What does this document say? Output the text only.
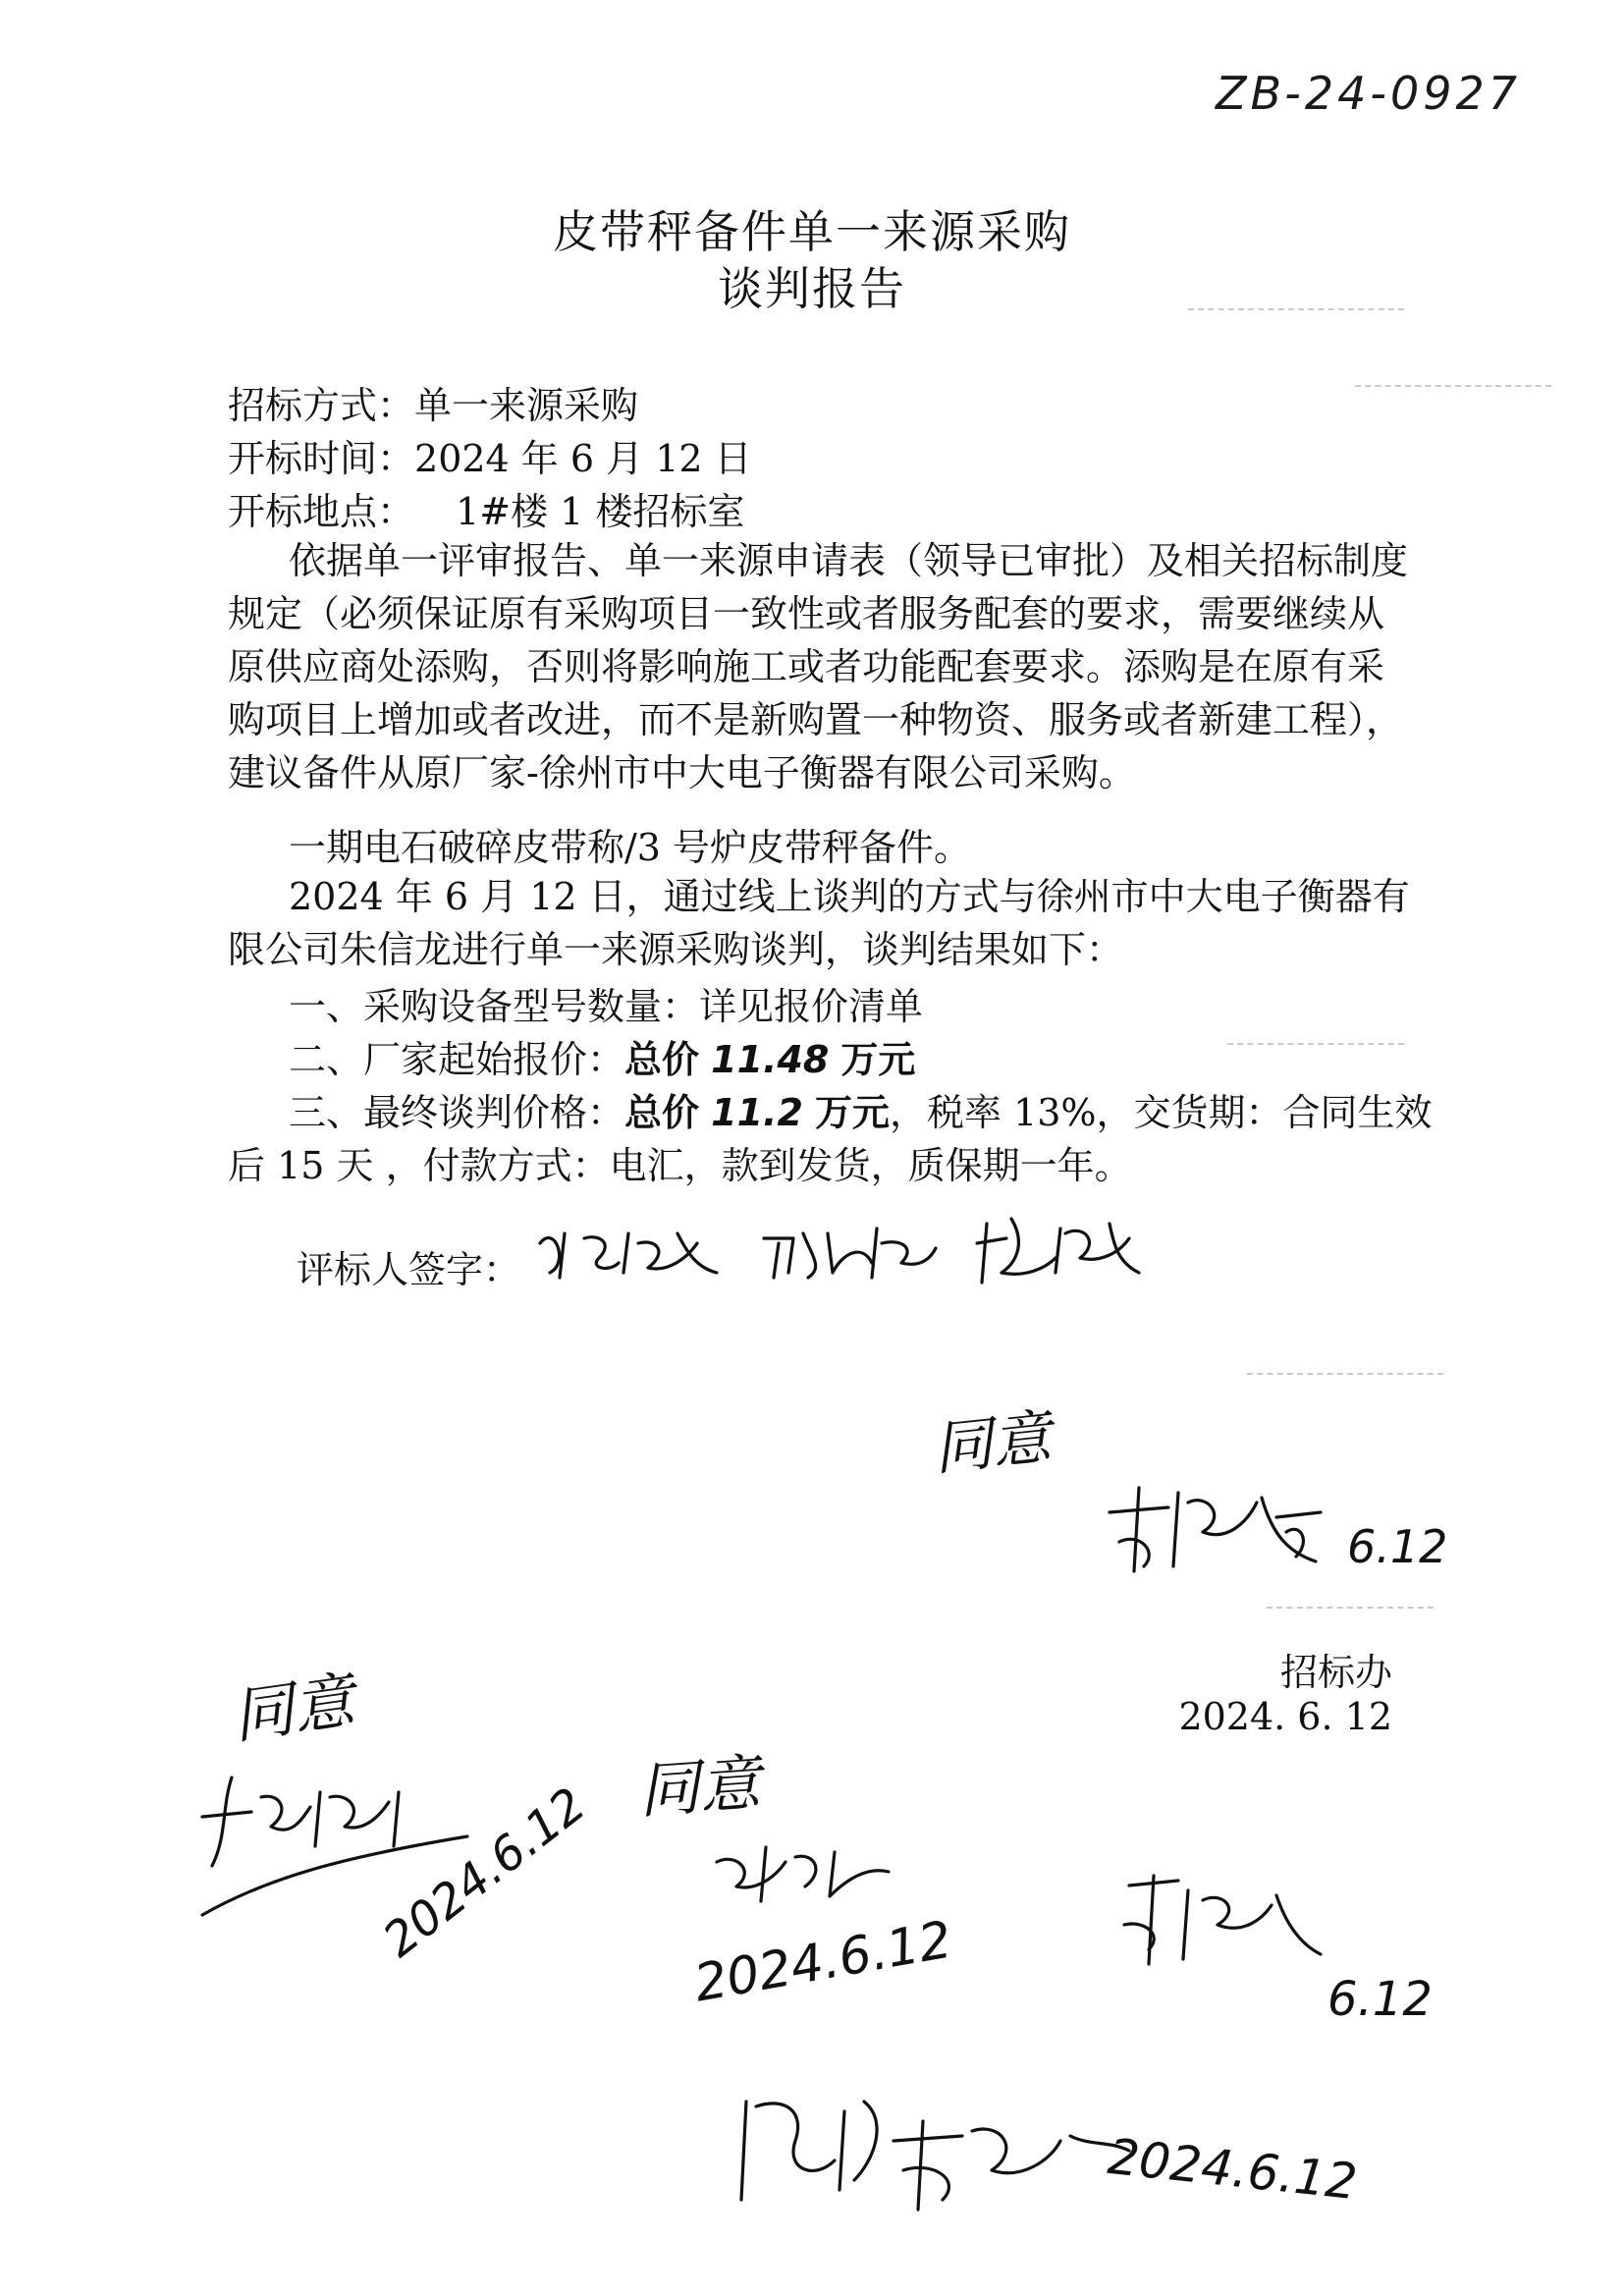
ZB-24-0927
皮带秤备件单一来源采购
谈判报告
招标方式：单一来源采购
开标时间：2024 年 6 月 12 日
开标地点： 1#楼 1 楼招标室
依据单一评审报告、单一来源申请表（领导已审批）及相关招标制度规定（必须保证原有采购项目一致性或者服务配套的要求，需要继续从原供应商处添购，否则将影响施工或者功能配套要求。添购是在原有采购项目上增加或者改进，而不是新购置一种物资、服务或者新建工程），建议备件从原厂家-徐州市中大电子衡器有限公司采购。
一期电石破碎皮带称/3 号炉皮带秤备件。
2024 年 6 月 12 日，通过线上谈判的方式与徐州市中大电子衡器有限公司朱信龙进行单一来源采购谈判，谈判结果如下：
一、采购设备型号数量：详见报价清单
二、厂家起始报价：总价 11.48 万元
三、最终谈判价格：总价 11.2 万元，税率 13%，交货期：合同生效
后 15 天 ，付款方式：电汇，款到发货，质保期一年。
评标人签字：
同意
6.12
招标办
2024. 6. 12
同意
2024.6.12 同意
2024.6.12	6.12
2024.6.12
